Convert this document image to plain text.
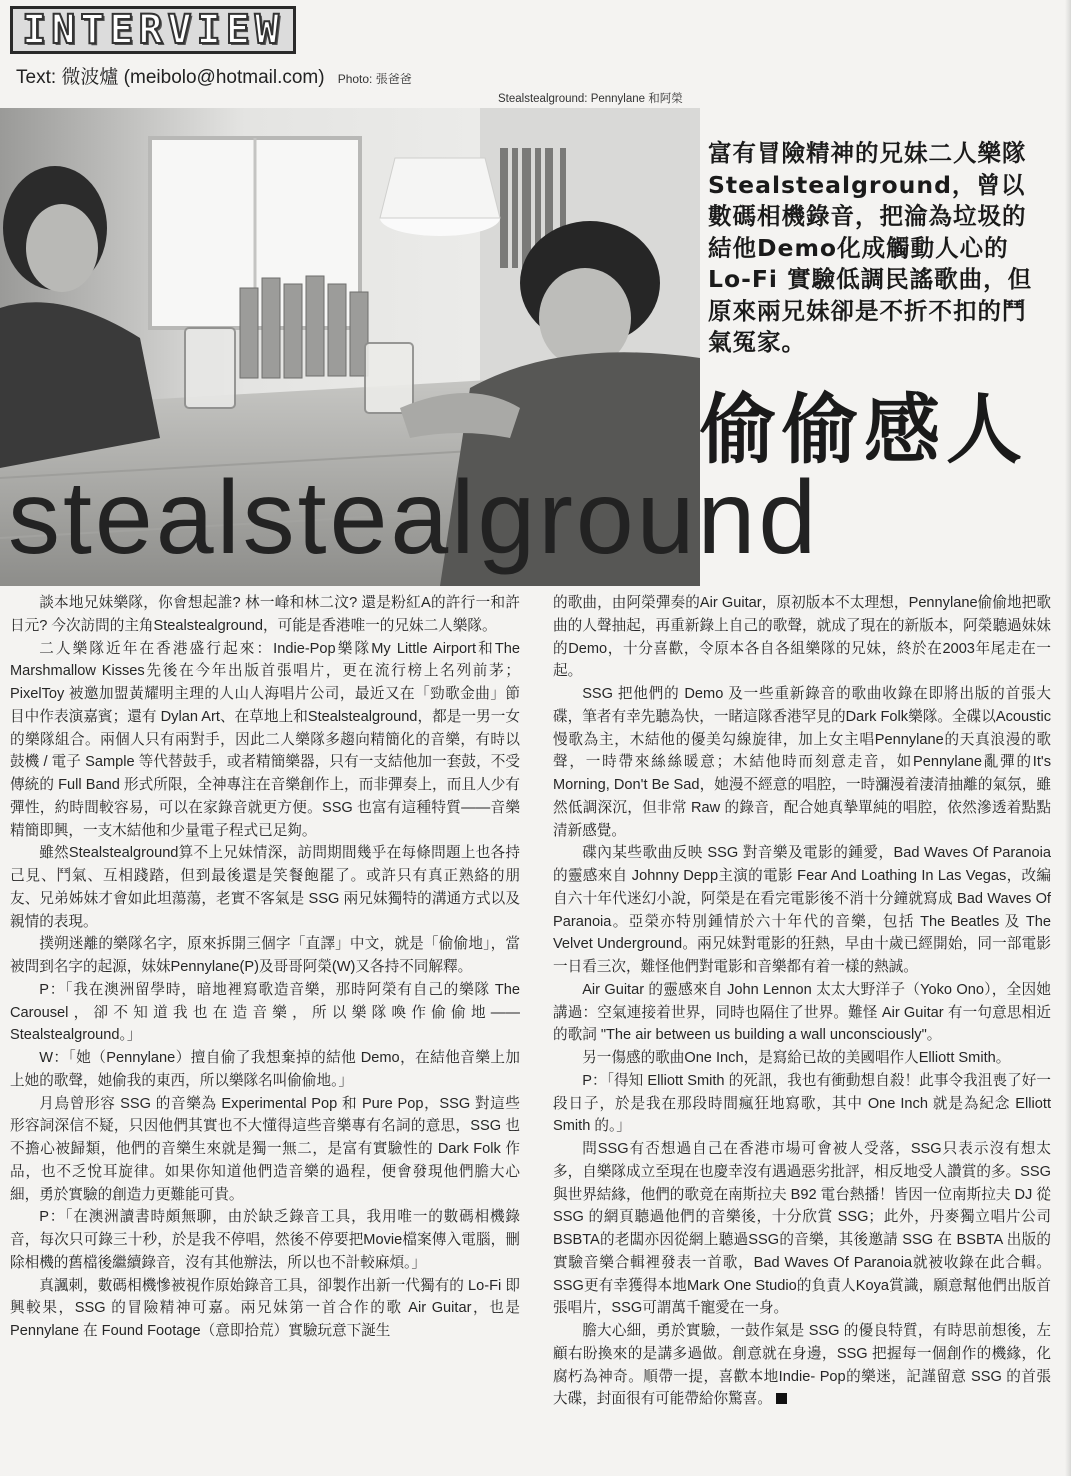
INTERVIEW
Text: 微波爐 (meibolo@hotmail.com) Photo: 張爸爸
Stealstealground: Pennylane 和阿榮
富有冒險精神的兄妹二人樂隊 Stealstealground，曾以數碼相機錄音，把淪為垃圾的結他Demo化成觸動人心的 Lo-Fi 實驗低調民謠歌曲，但原來兩兄妹卻是不折不扣的鬥氣冤家。
偷偷感人
stealstealground

談本地兄妹樂隊，你會想起誰? 林一峰和林二汶? 還是粉紅A的許行一和許日元? 今次訪問的主角Stealstealground，可能是香港唯一的兄妹二人樂隊。

二人樂隊近年在香港盛行起來：Indie-Pop樂隊My Little Airport和The Marshmallow Kisses先後在今年出版首張唱片，更在流行榜上名列前茅；PixelToy 被邀加盟黃耀明主理的人山人海唱片公司，最近又在「勁歌金曲」節目中作表演嘉賓；還有 Dylan Art、在草地上和Stealstealground，都是一男一女的樂隊組合。兩個人只有兩對手，因此二人樂隊多趨向精簡化的音樂，有時以鼓機 / 電子 Sample 等代替鼓手，或者精簡樂器，只有一支結他加一套鼓，不受傳統的 Full Band 形式所限，全神專注在音樂創作上，而非彈奏上，而且人少有彈性，約時間較容易，可以在家錄音就更方便。SSG 也富有這種特質——音樂精簡即興，一支木結他和少量電子程式已足夠。

雖然Stealstealground算不上兄妹情深，訪問期間幾乎在每條問題上也各持己見、鬥氣、互相踐踏，但到最後還是笑餐飽罷了。或許只有真正熟絡的朋友、兄弟姊妹才會如此坦蕩蕩，老實不客氣是 SSG 兩兄妹獨特的溝通方式以及親情的表現。

撲朔迷離的樂隊名字，原來拆開三個字「直譯」中文，就是「偷偷地」，當被問到名字的起源，妹妹Pennylane(P)及哥哥阿榮(W)又各持不同解釋。

P：「我在澳洲留學時，暗地裡寫歌造音樂，那時阿榮有自己的樂隊 The Carousel，卻不知道我也在造音樂，所以樂隊喚作偷偷地——Stealstealground。」

W：「她（Pennylane）擅自偷了我想棄掉的結他 Demo，在結他音樂上加上她的歌聲，她偷我的東西，所以樂隊名叫偷偷地。」

月鳥曾形容 SSG 的音樂為 Experimental Pop 和 Pure Pop，SSG 對這些形容詞深信不疑，只因他們其實也不大懂得這些音樂專有名詞的意思，SSG 也不擔心被歸類，他們的音樂生來就是獨一無二，是富有實驗性的 Dark Folk 作品，也不乏悅耳旋律。如果你知道他們造音樂的過程，便會發現他們膽大心細，勇於實驗的創造力更難能可貴。

P：「在澳洲讀書時頗無聊，由於缺乏錄音工具，我用唯一的數碼相機錄音，每次只可錄三十秒，於是我不停唱，然後不停要把Movie檔案傳入電腦，刪除相機的舊檔後繼續錄音，沒有其他辦法，所以也不計較麻煩。」

真諷刺，數碼相機慘被視作原始錄音工具，卻製作出新一代獨有的 Lo-Fi 即興較果，SSG 的冒險精神可嘉。兩兄妹第一首合作的歌 Air Guitar，也是 Pennylane 在 Found Footage（意即拾荒）實驗玩意下誕生

的歌曲，由阿榮彈奏的Air Guitar，原初版本不太理想，Pennylane偷偷地把歌曲的人聲抽起，再重新錄上自己的歌聲，就成了現在的新版本，阿榮聽過妹妹的Demo，十分喜歡，令原本各自各組樂隊的兄妹，終於在2003年尾走在一起。

SSG 把他們的 Demo 及一些重新錄音的歌曲收錄在即將出版的首張大碟，筆者有幸先聽為快，一睹這隊香港罕見的Dark Folk樂隊。全碟以Acoustic慢歌為主，木結他的優美勾線旋律，加上女主唱Pennylane的天真浪漫的歌聲，一時帶來絲絲暖意；木結他時而刻意走音，如Pennylane亂彈的It's Morning, Don't Be Sad，她漫不經意的唱腔，一時瀰漫着淒清抽離的氣氛，雖然低調深沉，但非常 Raw 的錄音，配合她真摯單純的唱腔，依然滲透着點點清新感覺。

碟內某些歌曲反映 SSG 對音樂及電影的鍾愛，Bad Waves Of Paranoia的靈感來自 Johnny Depp主演的電影 Fear And Loathing In Las Vegas，改編自六十年代迷幻小說，阿榮是在看完電影後不消十分鐘就寫成 Bad Waves Of Paranoia。亞榮亦特別鍾情於六十年代的音樂，包括 The Beatles 及 The Velvet Underground。兩兄妹對電影的狂熱，早由十歲已經開始，同一部電影一日看三次，難怪他們對電影和音樂都有着一樣的熱誠。

Air Guitar 的靈感來自 John Lennon 太太大野洋子（Yoko Ono），全因她講過：空氣連接着世界，同時也隔住了世界。難怪 Air Guitar 有一句意思相近的歌詞 "The air between us building a wall unconsciously"。

另一傷感的歌曲One Inch，是寫給已故的美國唱作人Elliott Smith。

P：「得知 Elliott Smith 的死訊，我也有衝動想自殺！此事令我沮喪了好一段日子，於是我在那段時間瘋狂地寫歌，其中 One Inch 就是為紀念 Elliott Smith 的。」

問SSG有否想過自己在香港市場可會被人受落，SSG只表示沒有想太多，自樂隊成立至現在也慶幸沒有遇過惡劣批評，相反地受人讚賞的多。SSG與世界結緣，他們的歌竟在南斯拉夫 B92 電台熱播！皆因一位南斯拉夫 DJ 從 SSG 的網頁聽過他們的音樂後，十分欣賞 SSG；此外，丹麥獨立唱片公司BSBTA的老闆亦因從網上聽過SSG的音樂，其後邀請 SSG 在 BSBTA 出版的實驗音樂合輯裡發表一首歌，Bad Waves Of Paranoia就被收錄在此合輯。SSG更有幸獲得本地Mark One Studio的負責人Koya賞識，願意幫他們出版首張唱片，SSG可謂萬千寵愛在一身。

膽大心細，勇於實驗，一鼓作氣是 SSG 的優良特質，有時思前想後，左顧右盼換來的是講多過做。創意就在身邊，SSG 把握每一個創作的機緣，化腐朽為神奇。順帶一提，喜歡本地Indie- Pop的樂迷，記謹留意 SSG 的首張大碟，封面很有可能帶給你驚喜。
